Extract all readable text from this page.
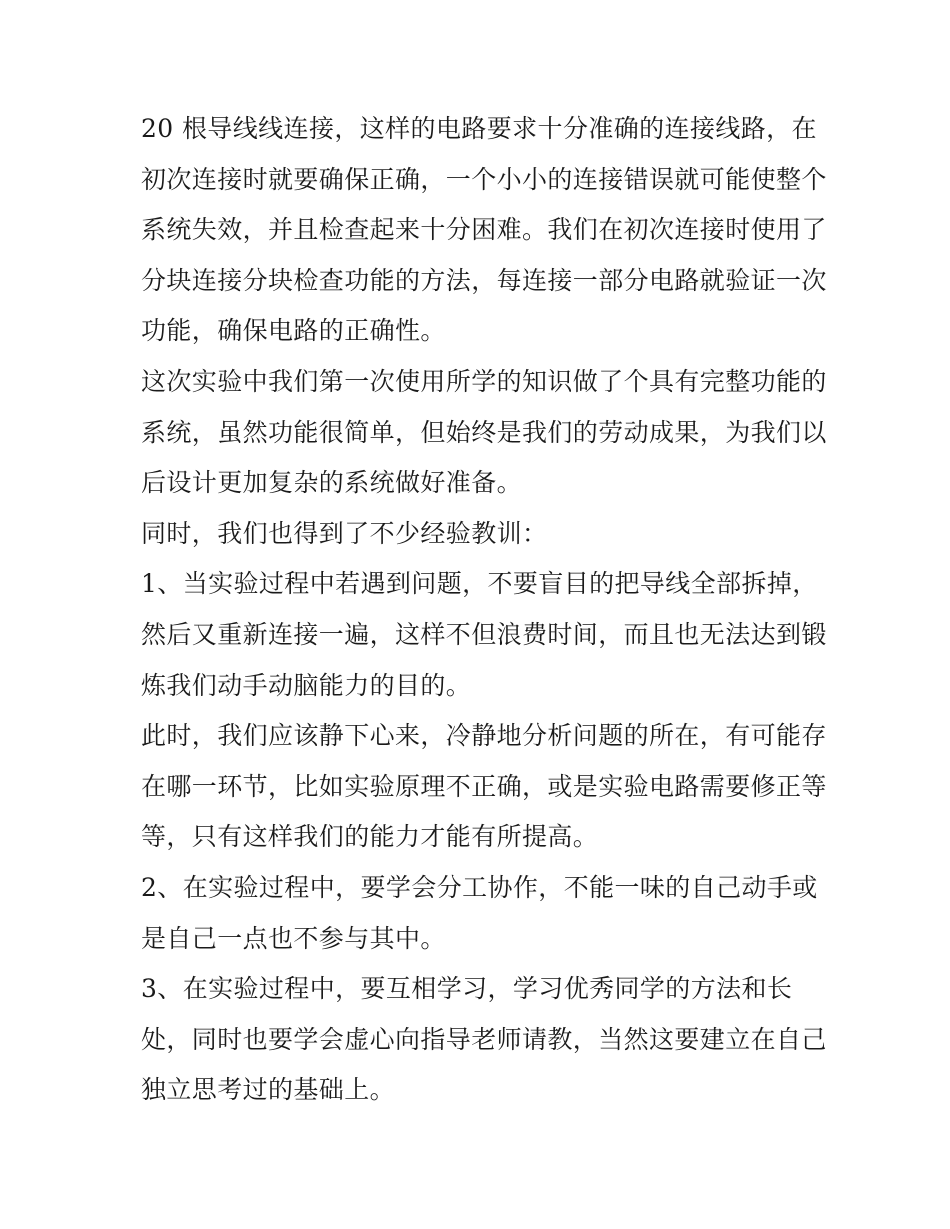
20 根导线线连接，这样的电路要求十分准确的连接线路，在
初次连接时就要确保正确，一个小小的连接错误就可能使整个
系统失效，并且检查起来十分困难。我们在初次连接时使用了
分块连接分块检查功能的方法，每连接一部分电路就验证一次
功能，确保电路的正确性。
这次实验中我们第一次使用所学的知识做了个具有完整功能的
系统，虽然功能很简单，但始终是我们的劳动成果，为我们以
后设计更加复杂的系统做好准备。
同时，我们也得到了不少经验教训：
1、当实验过程中若遇到问题，不要盲目的把导线全部拆掉，
然后又重新连接一遍，这样不但浪费时间，而且也无法达到锻
炼我们动手动脑能力的目的。
此时，我们应该静下心来，冷静地分析问题的所在，有可能存
在哪一环节，比如实验原理不正确，或是实验电路需要修正等
等，只有这样我们的能力才能有所提高。
2、在实验过程中，要学会分工协作，不能一味的自己动手或
是自己一点也不参与其中。
3、在实验过程中，要互相学习，学习优秀同学的方法和长
处，同时也要学会虚心向指导老师请教，当然这要建立在自己
独立思考过的基础上。
